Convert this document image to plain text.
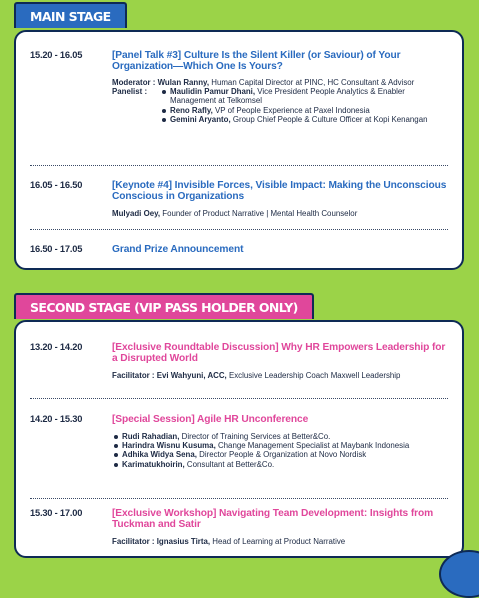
MAIN STAGE
15.20 - 16.05	[Panel Talk #3] Culture Is the Silent Killer (or Saviour) of Your Organization—Which One Is Yours?
Moderator : Wulan Ranny, Human Capital Director at PINC, HC Consultant & Advisor
Panelist :	Maulidin Pamur Dhani, Vice President People Analytics & Enabler Management at Telkomsel
Reno Rafly, VP of People Experience at Paxel Indonesia
Gemini Aryanto, Group Chief People & Culture Officer at Kopi Kenangan
16.05 - 16.50	[Keynote #4] Invisible Forces, Visible Impact: Making the Unconscious Conscious in Organizations
Mulyadi Oey, Founder of Product Narrative | Mental Health Counselor
16.50 - 17.05	Grand Prize Announcement
SECOND STAGE (VIP PASS HOLDER ONLY)
13.20 - 14.20	[Exclusive Roundtable Discussion] Why HR Empowers Leadership for a Disrupted World
Facilitator : Evi Wahyuni, ACC, Exclusive Leadership Coach Maxwell Leadership
14.20 - 15.30	[Special Session] Agile HR Unconference
Rudi Rahadian, Director of Training Services at Better&Co.
Harindra Wisnu Kusuma, Change Management Specialist at Maybank Indonesia
Adhika Widya Sena, Director People & Organization at Novo Nordisk
Karimatukhoirin, Consultant at Better&Co.
15.30 - 17.00	[Exclusive Workshop] Navigating Team Development: Insights from Tuckman and Satir
Facilitator : Ignasius Tirta, Head of Learning at Product Narrative
